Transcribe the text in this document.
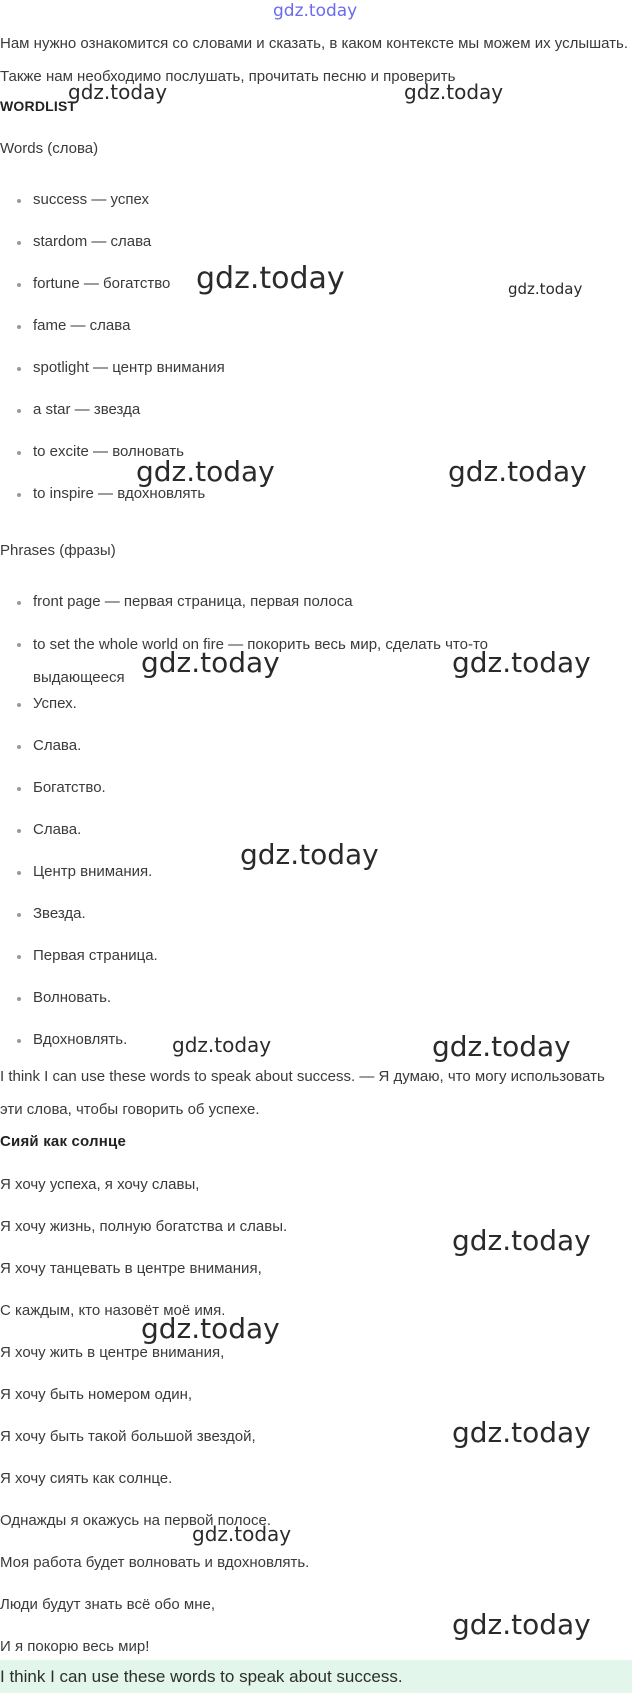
gdz.today

Нам нужно ознакомится со словами и сказать, в каком контексте мы можем их услышать. Также нам необходимо послушать, прочитать песню и проверить

WORDLIST
Words (слова)
success — успех
stardom — слава
fortune — богатство
fame — слава
spotlight — центр внимания
a star — звезда
to excite — волновать
to inspire — вдохновлять
Phrases (фразы)
front page — первая страница, первая полоса
to set the whole world on fire — покорить весь мир, сделать что-то выдающееся
Успех.
Слава.
Богатство.
Слава.
Центр внимания.
Звезда.
Первая страница.
Волновать.
Вдохновлять.

I think I can use these words to speak about success. — Я думаю, что могу использовать эти слова, чтобы говорить об успехе.

Сияй как солнце
Я хочу успеха, я хочу славы,
Я хочу жизнь, полную богатства и славы.
Я хочу танцевать в центре внимания,
С каждым, кто назовёт моё имя.
Я хочу жить в центре внимания,
Я хочу быть номером один,
Я хочу быть такой большой звездой,
Я хочу сиять как солнце.
Однажды я окажусь на первой полосе.
Моя работа будет волновать и вдохновлять.
Люди будут знать всё обо мне,
И я покорю весь мир!
I think I can use these words to speak about success.
gdz.today	gdz.today
gdz.today	gdz.today
gdz.today	gdz.today
gdz.today	gdz.today
gdz.today
gdz.today	gdz.today
gdz.today
gdz.today
gdz.today
gdz.today
gdz.today
